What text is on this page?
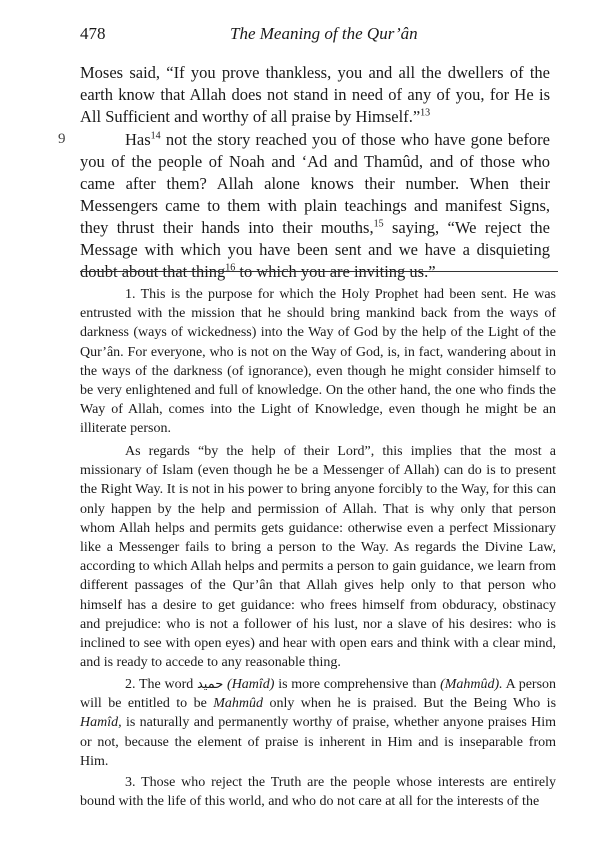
478	The Meaning of the Qur’ân

Moses said, “If you prove thankless, you and all the dwellers of the earth know that Allah does not stand in need of any of you, for He is All Sufficient and worthy of all praise by Himself.”$^{13}$

9	Has$^{14}$ not the story reached you of those who have gone before you of the people of Noah and ‘Ad and Thamûd, and of those who came after them? Allah alone knows their number. When their Messengers came to them with plain teachings and manifest Signs, they thrust their hands into their mouths,$^{15}$ saying, “We reject the Message with which you have been sent and we have a disquieting doubt about that thing$^{16}$ to which you are inviting us.”

1. This is the purpose for which the Holy Prophet had been sent. He was entrusted with the mission that he should bring mankind back from the ways of darkness (ways of wickedness) into the Way of God by the help of the Light of the Qur’ân. For everyone, who is not on the Way of God, is, in fact, wandering about in the ways of the darkness (of ignorance), even though he might consider himself to be very enlightened and full of knowledge. On the other hand, the one who finds the Way of Allah, comes into the Light of Knowledge, even though he might be an illiterate person.

As regards “by the help of their Lord”, this implies that the most a missionary of Islam (even though he be a Messenger of Allah) can do is to present the Right Way. It is not in his power to bring anyone forcibly to the Way, for this can only happen by the help and permission of Allah. That is why only that person whom Allah helps and permits gets guidance: otherwise even a perfect Missionary like a Messenger fails to bring a person to the Way. As regards the Divine Law, according to which Allah helps and permits a person to gain guidance, we learn from different passages of the Qur’ân that Allah gives help only to that person who himself has a desire to get guidance: who frees himself from obduracy, obstinacy and prejudice: who is not a follower of his lust, nor a slave of his desires: who is inclined to see with open eyes) and hear with open ears and think with a clear mind, and is ready to accede to any reasonable thing.

2. The word حميد (Hamîd) is more comprehensive than (Mahmûd). A person will be entitled to be Mahmûd only when he is praised. But the Being Who is Hamîd, is naturally and permanently worthy of praise, whether anyone praises Him or not, because the element of praise is inherent in Him and is inseparable from Him.

3. Those who reject the Truth are the people whose interests are entirely bound with the life of this world, and who do not care at all for the interests of the
